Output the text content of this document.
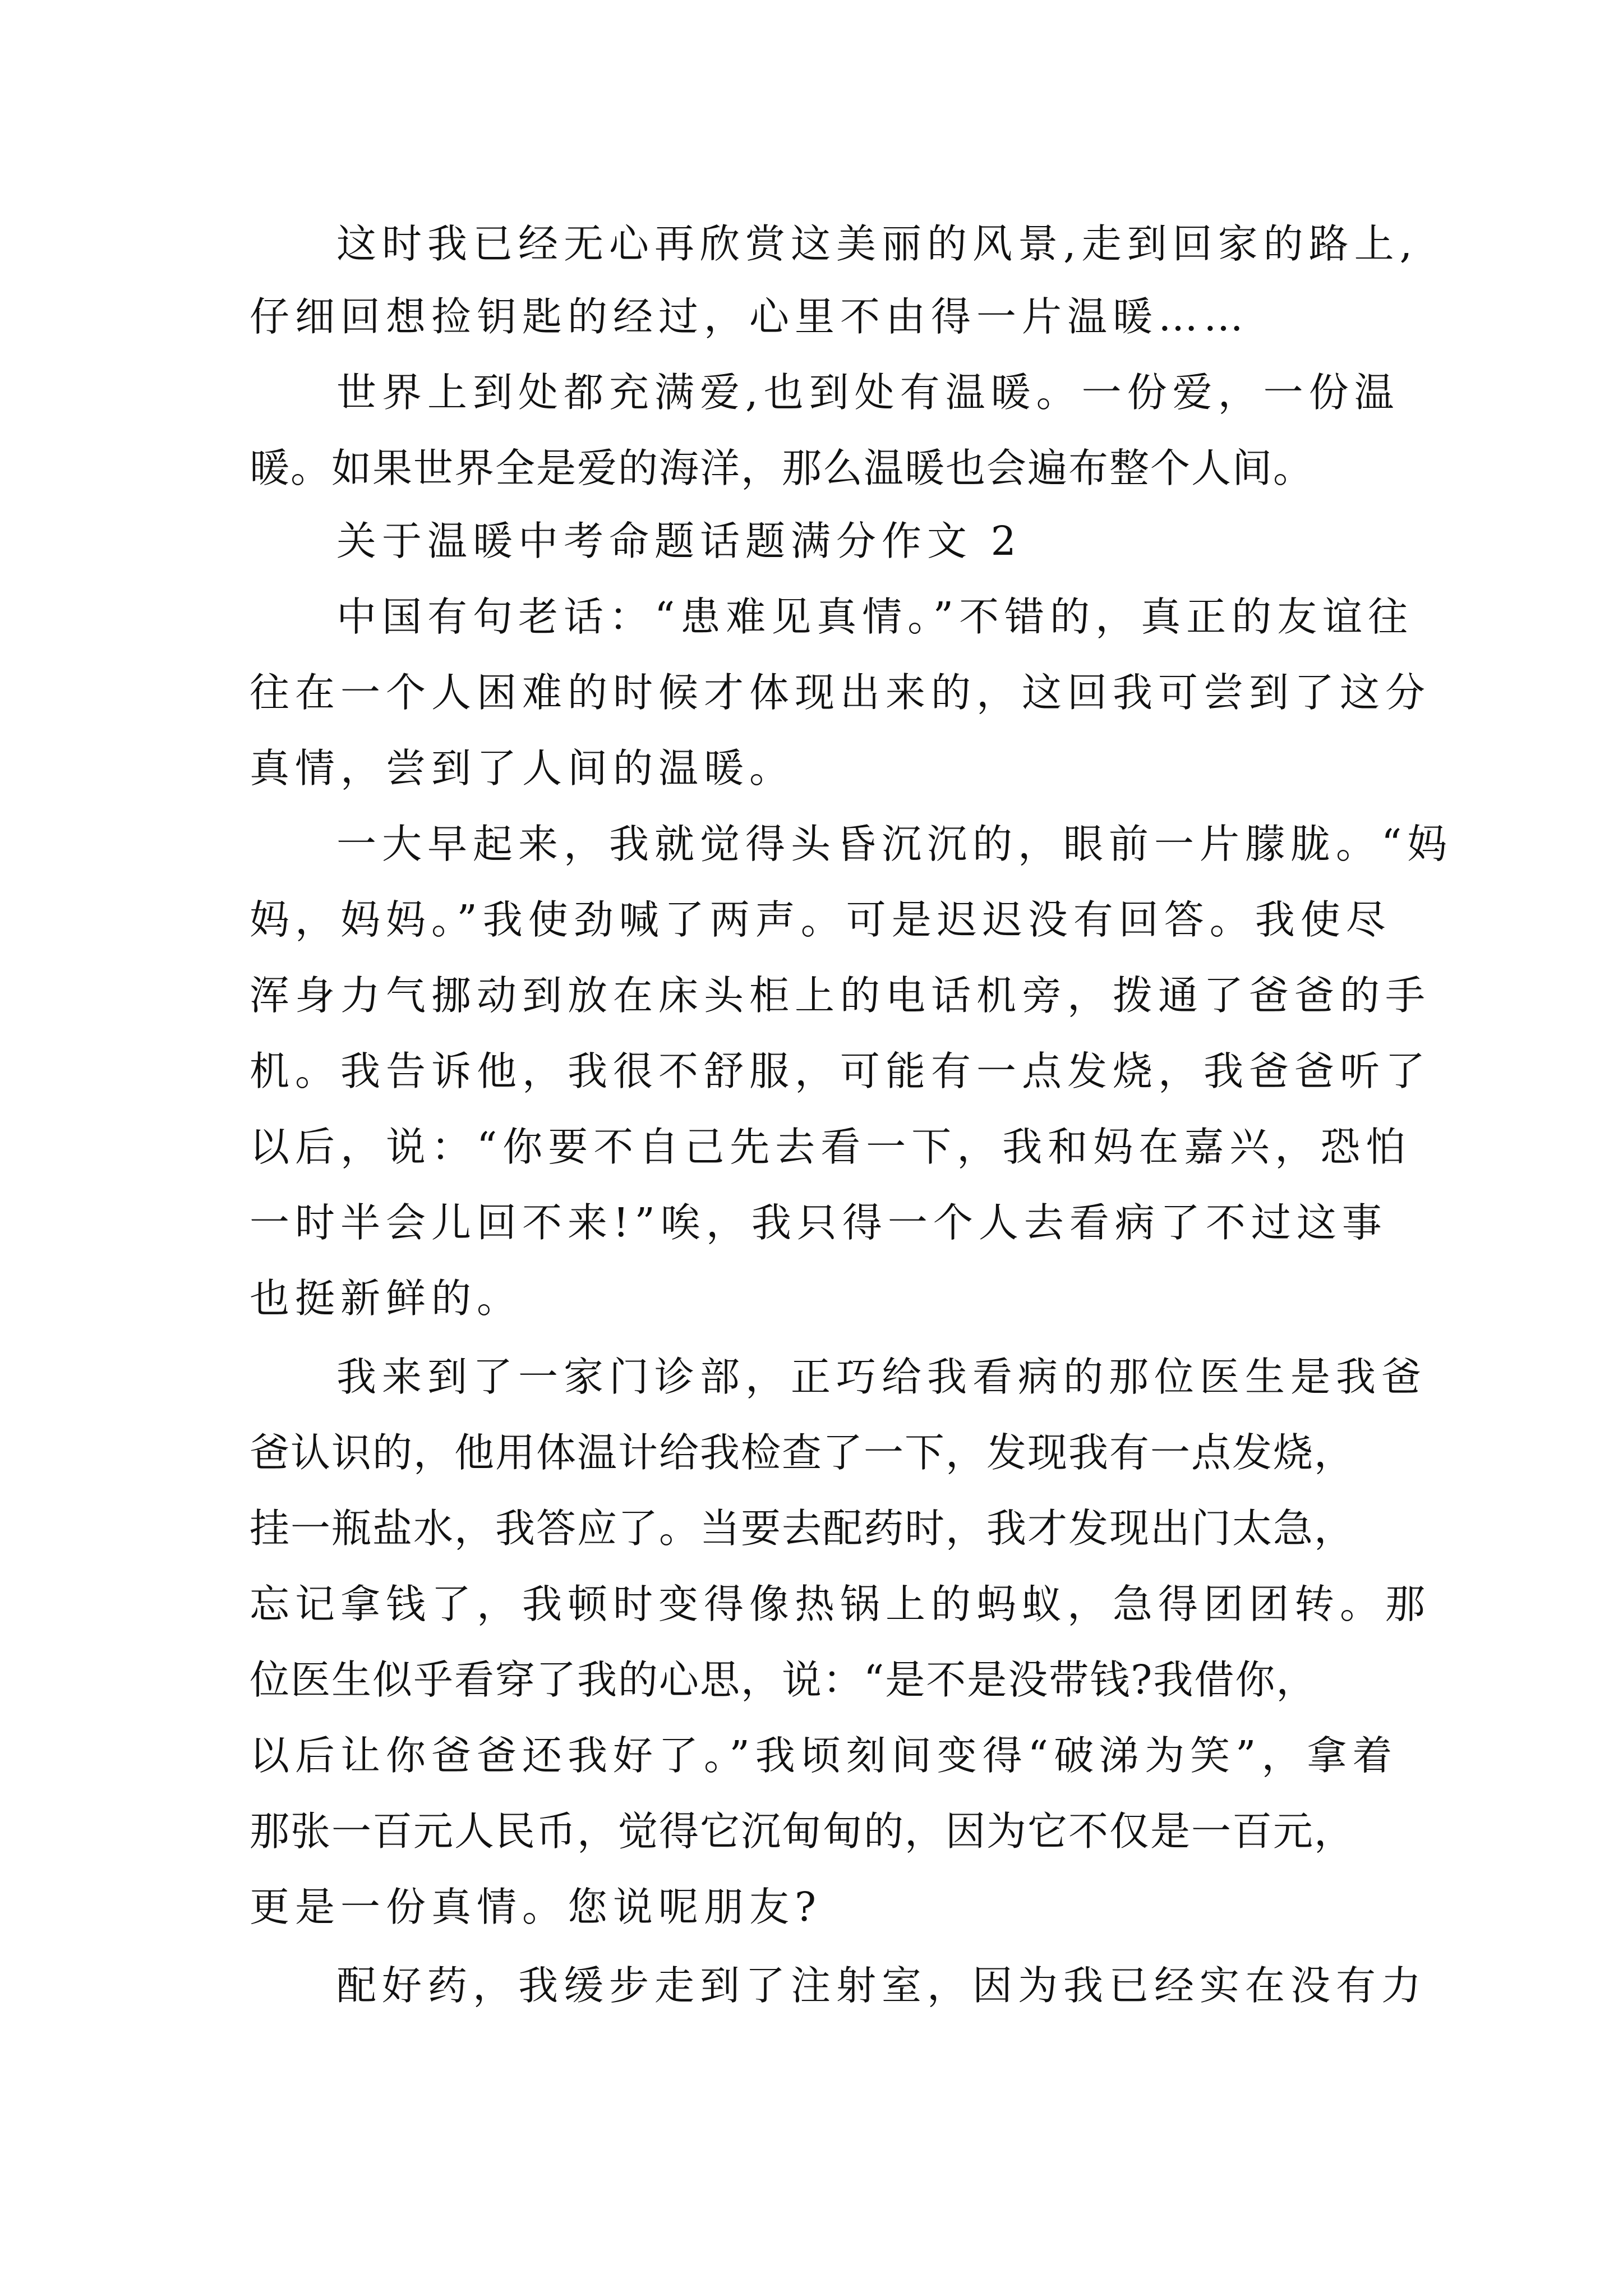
这时我已经无心再欣赏这美丽的风景,走到回家的路上,
仔细回想捡钥匙的经过，心里不由得一片温暖……
世界上到处都充满爱,也到处有温暖。一份爱，一份温
暖。如果世界全是爱的海洋，那么温暖也会遍布整个人间。
关于温暖中考命题话题满分作文 2
中国有句老话：“患难见真情。”不错的，真正的友谊往
往在一个人困难的时候才体现出来的，这回我可尝到了这分
真情，尝到了人间的温暖。
一大早起来，我就觉得头昏沉沉的，眼前一片朦胧。“妈
妈，妈妈。”我使劲喊了两声。可是迟迟没有回答。我使尽
浑身力气挪动到放在床头柜上的电话机旁，拨通了爸爸的手
机。我告诉他，我很不舒服，可能有一点发烧，我爸爸听了
以后，说：“你要不自己先去看一下，我和妈在嘉兴，恐怕
一时半会儿回不来!”唉，我只得一个人去看病了不过这事
也挺新鲜的。
我来到了一家门诊部，正巧给我看病的那位医生是我爸
爸认识的，他用体温计给我检查了一下，发现我有一点发烧，
挂一瓶盐水，我答应了。当要去配药时，我才发现出门太急，
忘记拿钱了，我顿时变得像热锅上的蚂蚁，急得团团转。那
位医生似乎看穿了我的心思，说：“是不是没带钱?我借你，
以后让你爸爸还我好了。”我顷刻间变得“破涕为笑”，拿着
那张一百元人民币，觉得它沉甸甸的，因为它不仅是一百元，
更是一份真情。您说呢朋友?
配好药，我缓步走到了注射室，因为我已经实在没有力
